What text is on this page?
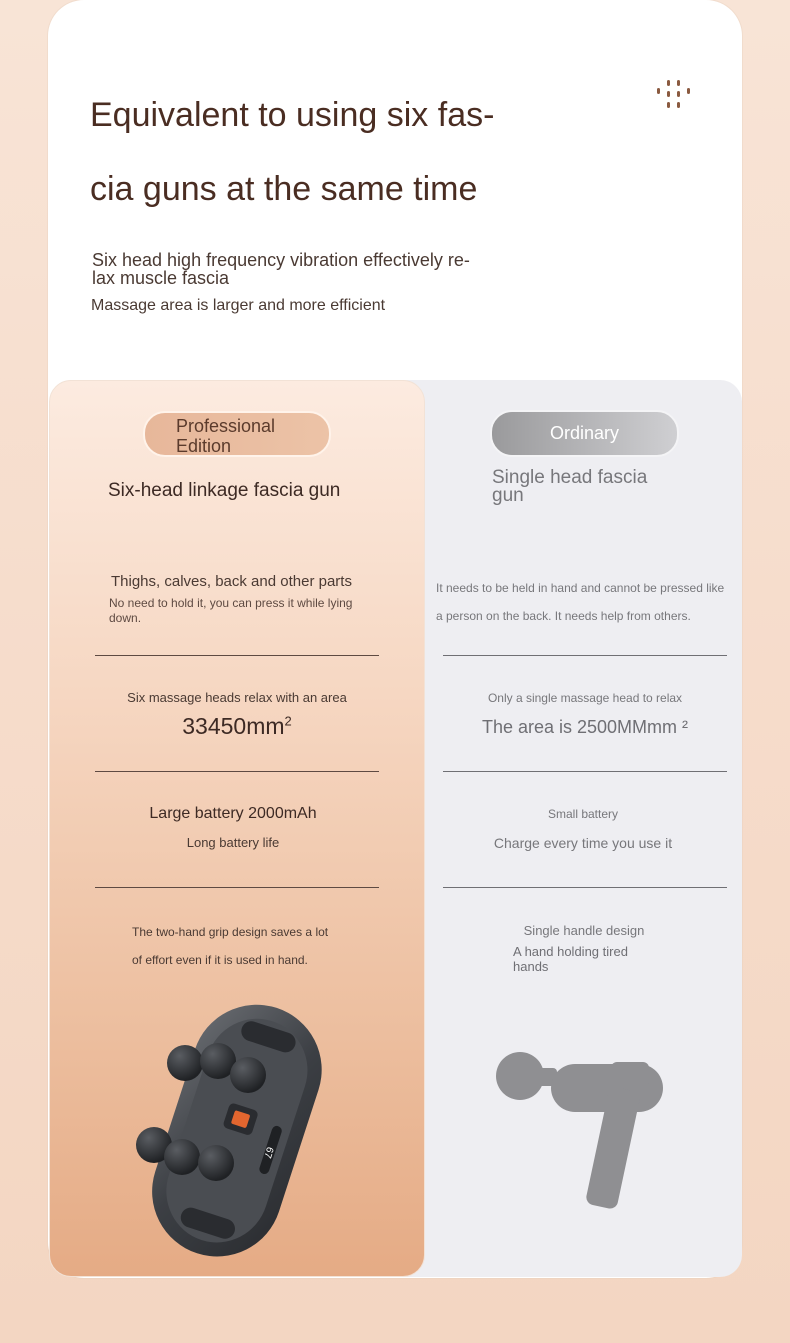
Equivalent to using six fas-
cia guns at the same time

Six head high frequency vibration effectively re-
lax muscle fascia

Massage area is larger and more efficient

Professional
Edition
Ordinary

Six-head linkage fascia gun

Single head fascia
gun

Thighs, calves, back and other parts

No need to hold it, you can press it while lying
down.

It needs to be held in hand and cannot be pressed like
a person on the back. It needs help from others.

Six massage heads relax with an area

$33450mm^2$

Only a single massage head to relax

The area is 2500MMmm ²

Large battery 2000mAh

Long battery life

Small battery

Charge every time you use it

The two-hand grip design saves a lot
of effort even if it is used in hand.

Single handle design

A hand holding tired
hands

67
